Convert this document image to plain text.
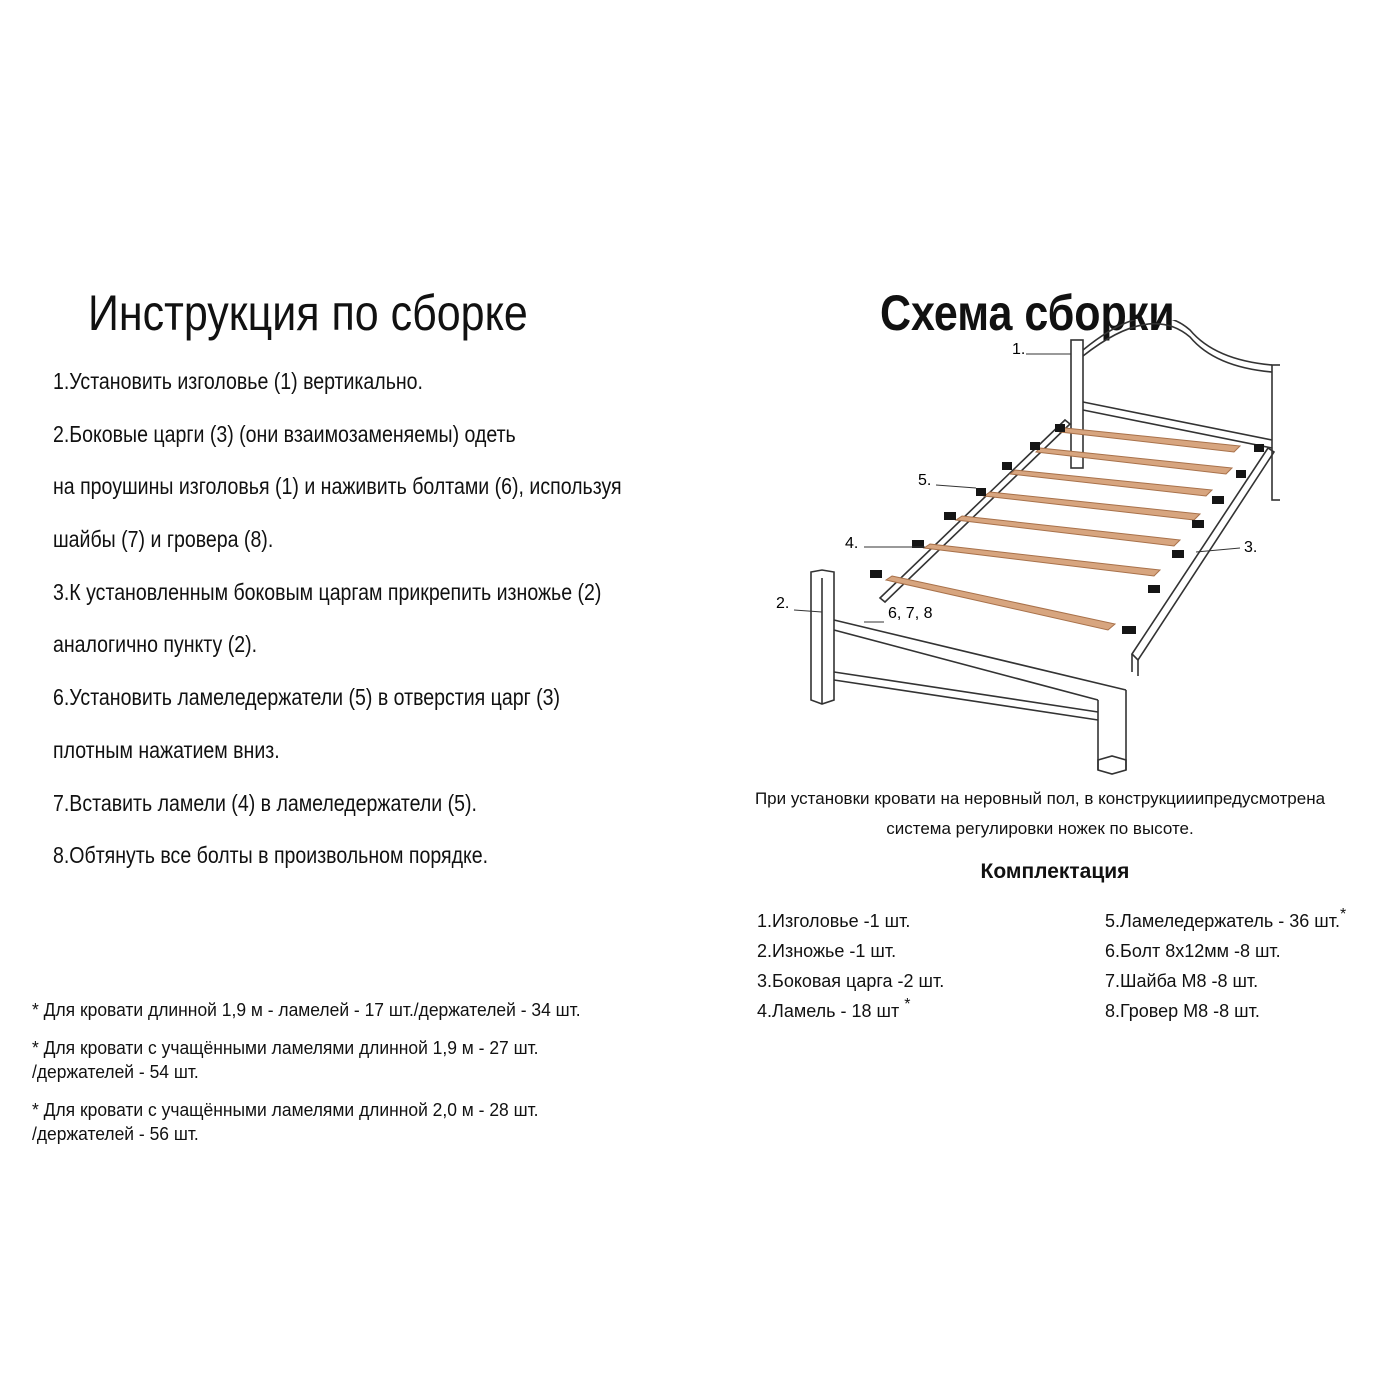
Инструкция по сборке
1.Установить изголовье (1) вертикально.
2.Боковые царги (3) (они взаимозаменяемы) одеть
на проушины изголовья (1) и наживить болтами (6), используя
шайбы (7) и гровера (8).
3.К установленным боковым царгам прикрепить изножье (2)
аналогично пункту (2).
6.Установить ламеледержатели (5) в отверстия царг (3)
плотным нажатием вниз.
7.Вставить ламели (4) в ламеледержатели (5).
8.Обтянуть все болты в произвольном порядке.
* Для кровати длинной 1,9 м - ламелей - 17 шт./держателей - 34 шт.
* Для кровати с учащёнными ламелями длинной 1,9 м - 27 шт.
/держателей - 54 шт.
* Для кровати с учащёнными ламелями длинной 2,0 м - 28 шт.
/держателей - 56 шт.
Схема сборки
1.
2.
3.
4.
5.
6, 7, 8
При установки кровати на неровный пол, в конструкцииипредусмотрена
система регулировки ножек по высоте.
Комплектация
1.Изголовье -1 шт.
2.Изножье -1 шт.
3.Боковая царга -2 шт.
4.Ламель - 18 шт *
5.Ламеледержатель - 36 шт.*
6.Болт 8х12мм -8 шт.
7.Шайба М8 -8 шт.
8.Гровер М8 -8 шт.
